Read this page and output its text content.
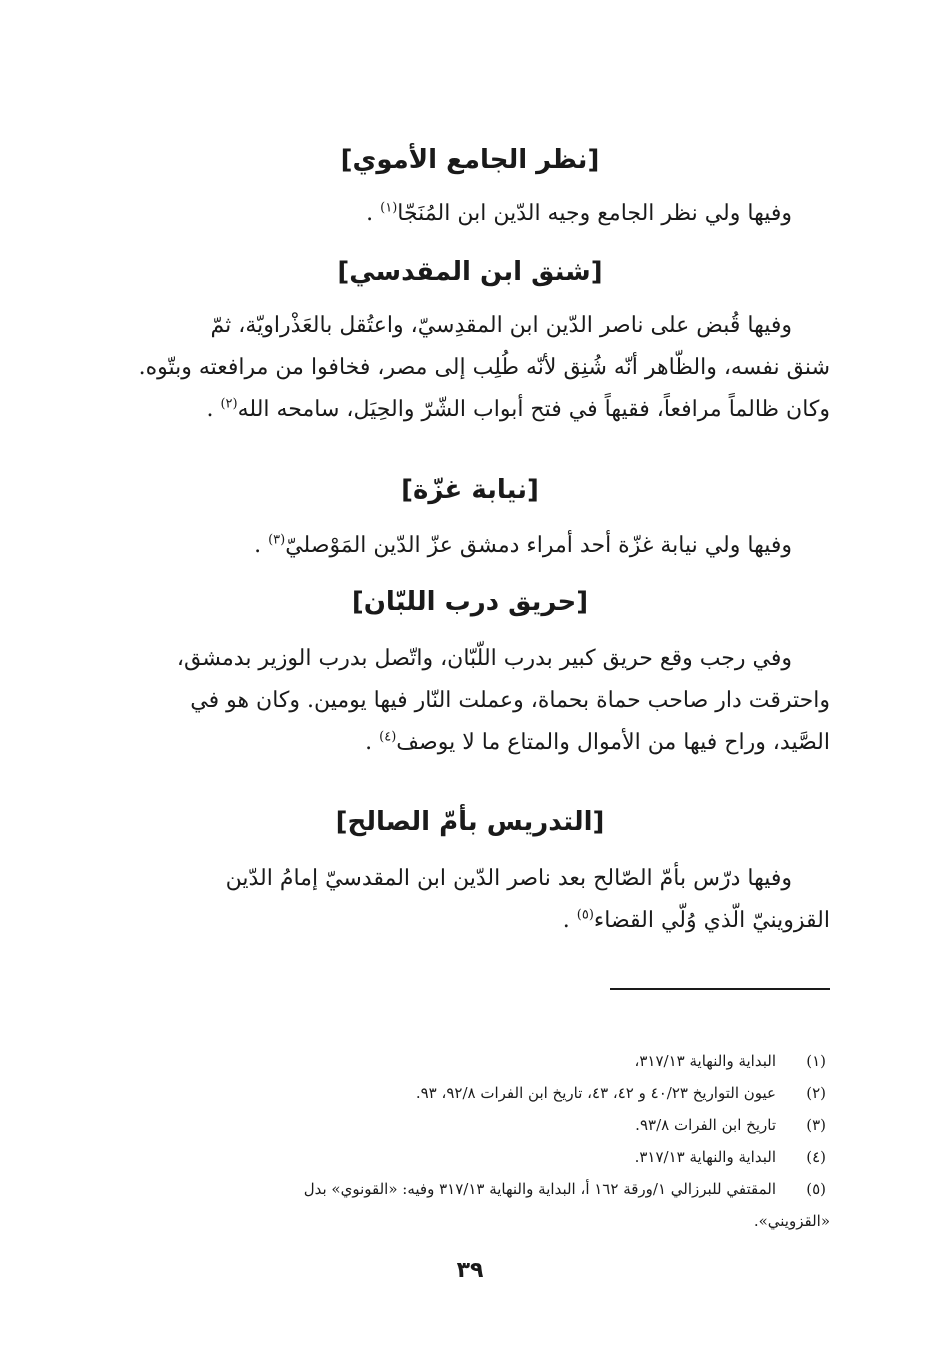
[نظر الجامع الأموي]

وفيها ولي نظر الجامع وجيه الدّين ابن المُنَجّا$^{(١)}$ .

[شنق ابن المقدسي]

وفيها قُبض على ناصر الدّين ابن المقدِسيّ، واعتُقل بالعَذْراويّة، ثمّ

شنق نفسه، والظّاهر أنّه شُنِق لأنّه طُلِب إلى مصر، فخافوا من مرافعته وبتّوه.

وكان ظالماً مرافعاً، فقيهاً في فتح أبواب الشّرّ والحِيَل، سامحه الله$^{(٢)}$ .

[نيابة غزّة]

وفيها ولي نيابة غزّة أحد أمراء دمشق عزّ الدّين المَوْصليّ$^{(٣)}$ .

[حريق درب اللبّان]

وفي رجب وقع حريق كبير بدرب اللّبّان، واتّصل بدرب الوزير بدمشق،

واحترقت دار صاحب حماة بحماة، وعملت النّار فيها يومين. وكان هو في

الصَّيد، وراح فيها من الأموال والمتاع ما لا يوصف$^{(٤)}$ .

[التدريس بأمّ الصالح]

وفيها درّس بأمّ الصّالح بعد ناصر الدّين ابن المقدسيّ إمامُ الدّين

القزوينيّ الّذي وُلّي القضاء$^{(٥)}$ .

(١)
البداية والنهاية ٣١٧/١٣،
(٢)
عيون التواريخ ٤٠/٢٣ و ٤٢، ٤٣، تاريخ ابن الفرات ٩٢/٨، ٩٣.
(٣)
تاريخ ابن الفرات ٩٣/٨.
(٤)
البداية والنهاية ٣١٧/١٣.
(٥)
المقتفي للبرزالي ١/ورقة ١٦٢ أ، البداية والنهاية ٣١٧/١٣ وفيه: «القونوي» بدل
«القزويني».
٣٩
